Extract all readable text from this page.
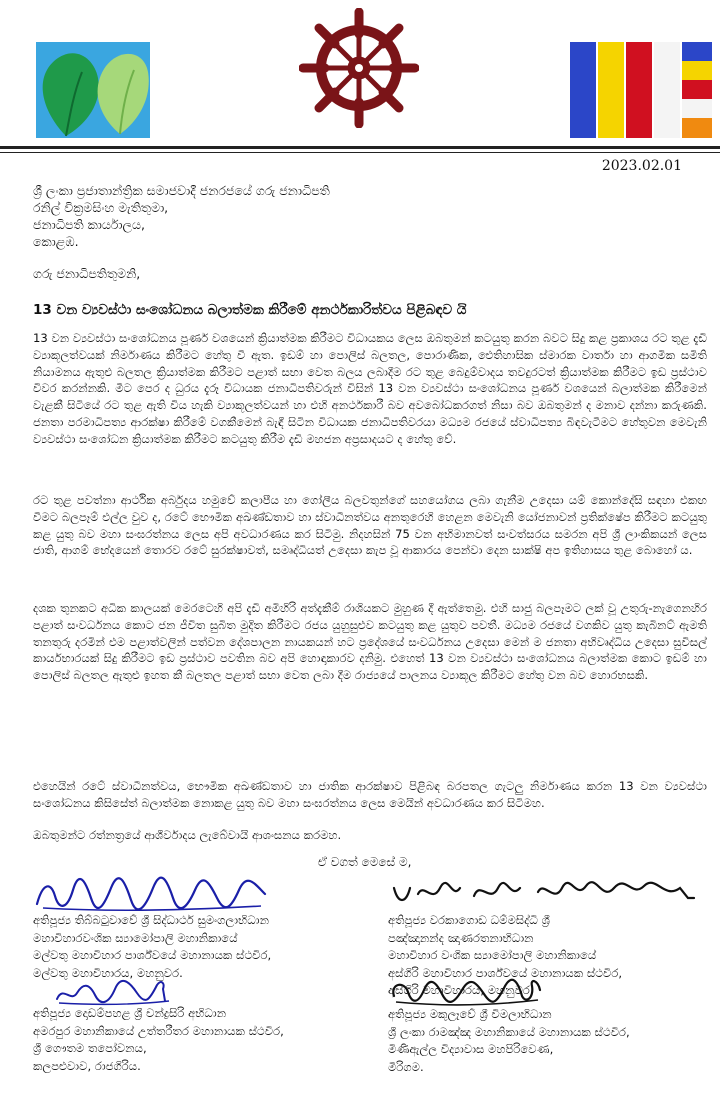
2023.02.01
ශ්‍රී ලංකා ප්‍රජාතාන්ත්‍රික සමාජවාදී ජනරජයේ ගරු ජනාධිපති
රනිල් වික්‍රමසිංහ මැතිතුමා,
ජනාධිපති කාර්යාලය,
කොළඹ.
ගරු ජනාධිපතිතුමනි,
13 වන ව්‍යවස්ථා සංශෝධනය බලාත්මක කිරීමේ අනර්ථකාරිත්වය පිළිබඳව යි
13 වන ව්‍යවස්ථා සංශෝධනය පූර්ණ වශයෙන් ක්‍රියාත්මක කිරීමට විධායකය ලෙස ඔබතුමන් කටයුතු කරන බවට සිදු කළ ප්‍රකාශය රට තුළ දැඩි ව්‍යාකූලත්වයක් නිර්මාණය කිරීමට හේතු වී ඇත. ඉඩම් හා පොලිස් බලතල, පොරාණික, ඓතිහාසික ස්මාරක වාර්තා හා ආගමික සමිති නියාමනය ඇතුළු බලතල ක්‍රියාත්මක කිරීමට පළාත් සභා වෙත බලය ලබාදීම රට තුළ බෙදුම්වාදය තවදුරටත් ක්‍රියාත්මක කිරීමට ඉඩ ප්‍රස්ථාව විවර කරන්නකි. මීට පෙර ද ධුරය දැරූ විධායක ජනාධිපතිවරුන් විසින් 13 වන ව්‍යවස්ථා සංශෝධනය පූර්ණ වශයෙන් බලාත්මක කිරීමෙන් වැළකී සිටියේ රට තුළ ඇති විය හැකි ව්‍යාකූලත්වයන් හා එහි අනර්ථකාරී බව අවබෝධකරගත් නිසා බව ඔබතුමන් ද මනාව දන්නා කරුණකි. ජනතා පරමාධිපත්‍ය ආරක්ෂා කිරීමේ වගකීමෙන් බැඳී සිටින විධායක ජනාධිපතිවරයා මධ්‍යම රජයේ ස්වාධිපත්‍ය බිඳවැටීමට හේතුවන මෙවැනි ව්‍යවස්ථා සංශෝධන ක්‍රියාත්මක කිරීමට කටයුතු කිරීම දැඩි මහජන අප්‍රසාදයට ද හේතු වේ.
රට තුළ පවත්නා ආර්ථික අර්බුදය හමුවේ කලාපීය හා ගෝලීය බලවතුන්ගේ සහයෝගය ලබා ගැනීම උදෙසා යම් කොන්දේසි සඳහා එකඟ වීමට බලපෑම් එල්ල වුව ද, රටේ භෞමික අඛණ්ඩතාව හා ස්වාධීනත්වය අනතුරෙහි හෙළන මෙවැනි යෝජනාවන් ප්‍රතික්ෂේප කිරීමට කටයුතු කළ යුතු බව මහා සංඝරත්නය ලෙස අපි අවධාරණය කර සිටිමු. නිදහසින් 75 වන අභිමානවත් සංවත්සරය සමරන අපි ශ්‍රී ලාංකිකයන් ලෙස ජාති, ආගම් භේදයෙන් තොරව රටේ සුරක්ෂාවත්, සමෘද්ධියත් උදෙසා කැප වූ ආකාරය පෙන්වා දෙන සාක්ෂි අප ඉතිහාසය තුළ බොහෝ ය.
දශක තුනකට අධික කාලයක් මෙරටෙහි අපි දැඩි අමිහිරි අත්දැකීම් රාශියකට මුහුණ දී ඇත්තෙමු. එහි සාජු බලපෑමට ලක් වූ උතුරු-නැගෙනහිර පළාත් සංවර්ධනය කොට ජන ජීවිත සුබිත මුදිත කිරීමට රජය යුහුසුළුව කටයුතු කළ යුතුව පවතී. මධ්‍යම රජයේ වගකිව යුතු කැබිනට් ඇමති තනතුරු දරමින් එම පළාත්වලින් පත්වන දේශපාලන නායකයන් හට ප්‍රදේශයේ සංවර්ධනය උදෙසා මෙන් ම ජනතා අභිවෘද්ධිය උදෙසා සුවිසල් කාර්යභාරයක් සිදු කිරීමට ඉඩ ප්‍රස්ථාව පවතින බව අපි හොඳාකාරව දනිමු. එහෙත් 13 වන ව්‍යවස්ථා සංශෝධනය බලාත්මක කොට ඉඩම් හා පොලිස් බලතල ඇතුළු ඉහත කී බලතල පළාත් සභා වෙත ලබා දීම රාජ්‍යයේ පාලනය ව්‍යාකූල කිරීමට හේතු වන බව හොරභසකි.
එහෙයින් රටේ ස්වාධීනත්වය, භෞමික අඛණ්ඩතාව හා ජාතික ආරක්ෂාව පිළිබඳ බරපතල ගැටලු නිර්මාණය කරන 13 වන ව්‍යවස්ථා සංශෝධනය කිසිසේත් බලාත්මක නොකළ යුතු බව මහා සංඝරත්නය ලෙස මෙයින් අවධාරණය කර සිටිමහ.
ඔබතුමන්ට රත්නත්‍රයේ ආශීර්වාදය ලැබේවායි ආශංසනය කරමහ.
ඒ වගත් මෙසේ ම,
අතිපූජ්‍ය තිබ්බටුවාවේ ශ්‍රී සිද්ධාර්ථ සුමංගලාභිධාන
මහාවිහාරවංශික ස්‍යාමෝපාලි මහානිකායේ
මල්වතු මහාවිහාර පාර්ශ්වයේ මහානායක ස්ථවිර,
මල්වතු මහාවිහාරය, මහනුවර.
අතිපූජ්‍ය වරකාගොඩ ධම්මසිද්ධි ශ්‍රී
පඤ්ඤානන්ද ඤාණරතනාභිධාන
මහාවිහාර වංශික ස්‍යාමෝපාලි මහානිකායේ
අස්ගිරි මහාවිහාර පාර්ශ්වයේ මහානායක ස්ථවිර,
අස්ගිරි මහාවිහාරය, මහනුවර.
අතිපූජ්‍ය දොඩම්පහළ ශ්‍රී චන්ද්‍රසිරි අභිධාන
අමරපුර මහානිකායේ උත්තරීතර මහානායක ස්ථවිර,
ශ්‍රී ගෞතම තපෝවනය,
කලපළුවාව, රාජගිරිය.
අතිපූජ්‍ය මකුලෑවේ ශ්‍රී විමලාභිධාන
ශ්‍රී ලංකා රාමඤ්ඤ මහානිකායේ මහානායක ස්ථවිර,
මිණිඇල්ල විද්‍යාවාස මහපිරිවෙණ,
මීරිගම.
